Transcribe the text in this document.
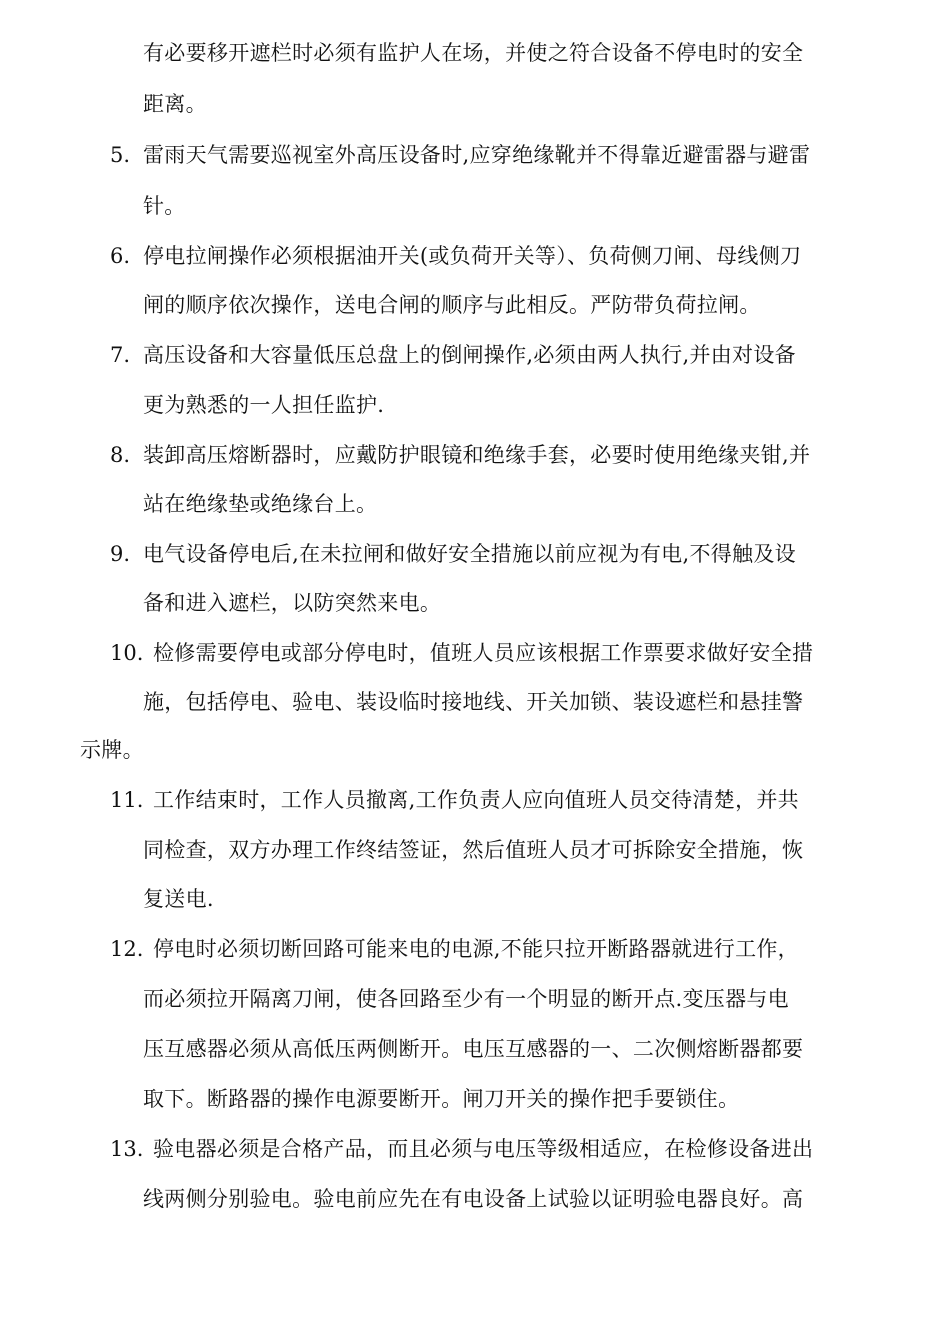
有必要移开遮栏时必须有监护人在场，并使之符合设备不停电时的安全
距离。
5. 雷雨天气需要巡视室外高压设备时,应穿绝缘靴并不得靠近避雷器与避雷
针。
6. 停电拉闸操作必须根据油开关(或负荷开关等）、负荷侧刀闸、母线侧刀
闸的顺序依次操作，送电合闸的顺序与此相反。严防带负荷拉闸。
7. 高压设备和大容量低压总盘上的倒闸操作,必须由两人执行,并由对设备
更为熟悉的一人担任监护.
8. 装卸高压熔断器时，应戴防护眼镜和绝缘手套，必要时使用绝缘夹钳,并
站在绝缘垫或绝缘台上。
9. 电气设备停电后,在未拉闸和做好安全措施以前应视为有电,不得触及设
备和进入遮栏，以防突然来电。
10. 检修需要停电或部分停电时，值班人员应该根据工作票要求做好安全措
施，包括停电、验电、装设临时接地线、开关加锁、装设遮栏和悬挂警
示牌。
11. 工作结束时，工作人员撤离,工作负责人应向值班人员交待清楚，并共
同检查，双方办理工作终结签证，然后值班人员才可拆除安全措施，恢
复送电.
12. 停电时必须切断回路可能来电的电源,不能只拉开断路器就进行工作，
而必须拉开隔离刀闸，使各回路至少有一个明显的断开点.变压器与电
压互感器必须从高低压两侧断开。电压互感器的一、二次侧熔断器都要
取下。断路器的操作电源要断开。闸刀开关的操作把手要锁住。
13. 验电器必须是合格产品，而且必须与电压等级相适应，在检修设备进出
线两侧分别验电。验电前应先在有电设备上试验以证明验电器良好。高
